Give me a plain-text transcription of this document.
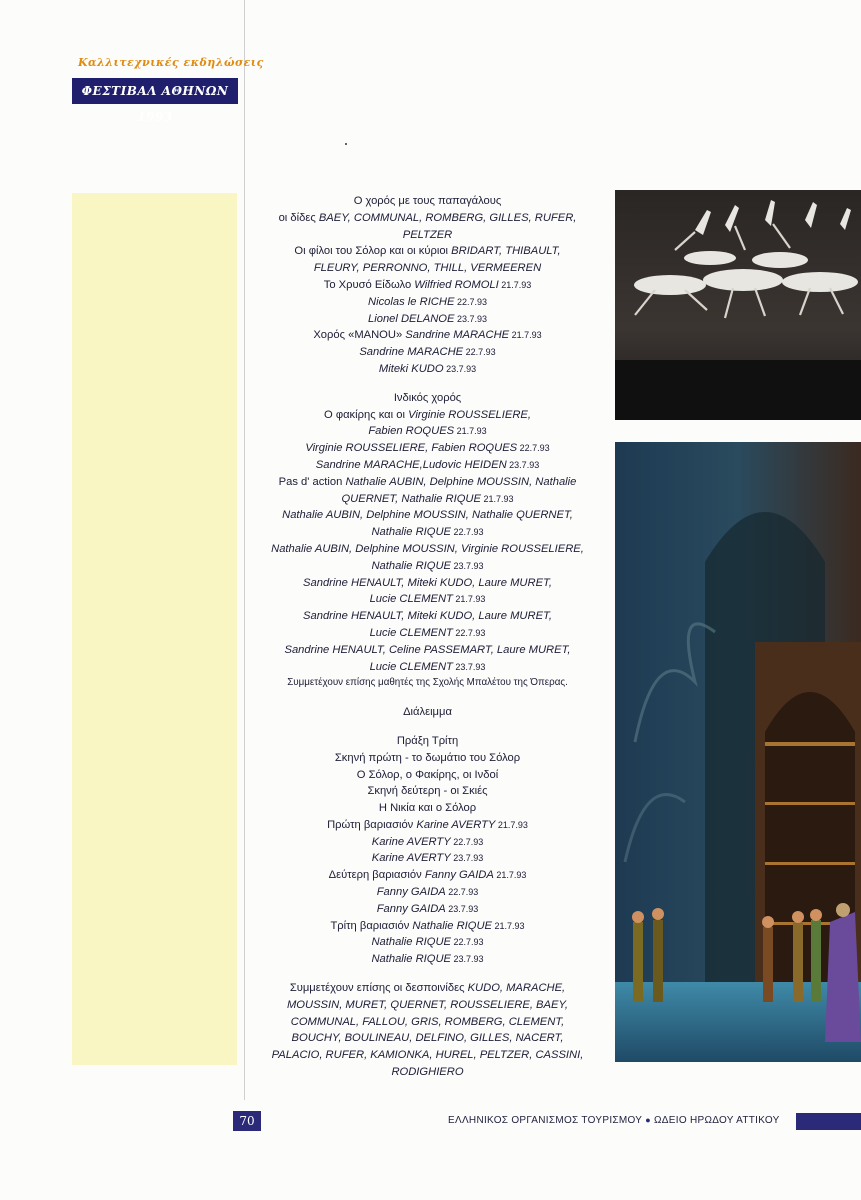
Καλλιτεχνικές εκδηλώσεις
ΦΕΣΤΙΒΑΛ ΑΘΗΝΩΝ 1993

Ο χορός με τους παπαγάλους

οι δίδες BAEY, COMMUNAL, ROMBERG, GILLES, RUFER,

PELTZER

Οι φίλοι του Σόλορ και οι κύριοι BRIDART, THIBAULT,

FLEURY, PERRONNO, THILL, VERMEEREN

Το Χρυσό Είδωλο Wilfried ROMOLI 21.7.93

Nicolas le RICHE 22.7.93

Lionel DELANOE 23.7.93

Χορός «MANOU» Sandrine MARACHE 21.7.93

Sandrine MARACHE 22.7.93

Miteki KUDO 23.7.93

Ινδικός χορός

Ο φακίρης και οι Virginie ROUSSELIERE,

Fabien ROQUES 21.7.93

Virginie ROUSSELIERE, Fabien ROQUES 22.7.93

Sandrine MARACHE,Ludovic HEIDEN 23.7.93

Pas d' action Nathalie AUBIN, Delphine MOUSSIN, Nathalie

QUERNET, Nathalie RIQUE 21.7.93

Nathalie AUBIN, Delphine MOUSSIN, Nathalie QUERNET,

Nathalie RIQUE 22.7.93

Nathalie AUBIN, Delphine MOUSSIN, Virginie ROUSSELIERE,

Nathalie RIQUE 23.7.93

Sandrine HENAULT, Miteki KUDO, Laure MURET,

Lucie CLEMENT 21.7.93

Sandrine HENAULT, Miteki KUDO, Laure MURET,

Lucie CLEMENT 22.7.93

Sandrine HENAULT, Celine PASSEMART, Laure MURET,

Lucie CLEMENT 23.7.93

Συμμετέχουν επίσης μαθητές της Σχολής Μπαλέτου της Όπερας.

Διάλειμμα

Πράξη Τρίτη

Σκηνή πρώτη - το δωμάτιο του Σόλορ

Ο Σόλορ, ο Φακίρης, οι Ινδοί

Σκηνή δεύτερη - οι Σκιές

Η Νικία και ο Σόλορ

Πρώτη βαριασιόν Karine AVERTY 21.7.93

Karine AVERTY 22.7.93

Karine AVERTY 23.7.93

Δεύτερη βαριασιόν Fanny GAIDA 21.7.93

Fanny GAIDA 22.7.93

Fanny GAIDA 23.7.93

Τρίτη βαριασιόν Nathalie RIQUE 21.7.93

Nathalie RIQUE 22.7.93

Nathalie RIQUE 23.7.93

Συμμετέχουν επίσης οι δεσποινίδες KUDO, MARACHE,

MOUSSIN, MURET, QUERNET, ROUSSELIERE, BAEY,

COMMUNAL, FALLOU, GRIS, ROMBERG, CLEMENT,

BOUCHY, BOULINEAU, DELFINO, GILLES, NACERT,

PALACIO, RUFER, KAMIONKA, HUREL, PELTZER, CASSINI,

RODIGHIERO

70	ΕΛΛΗΝΙΚΟΣ ΟΡΓΑΝΙΣΜΟΣ ΤΟΥΡΙΣΜΟΥ ● ΩΔΕΙΟ ΗΡΩΔΟΥ ΑΤΤΙΚΟΥ
